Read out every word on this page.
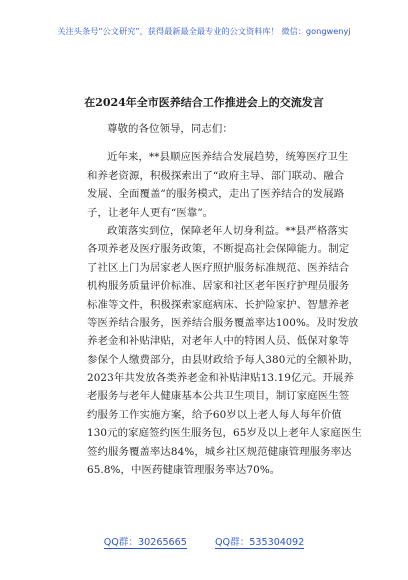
关注头条号“公文研究”，获得最新最全最专业的公文资料库！ 微信：gongwenyj
在2024年全市医养结合工作推进会上的交流发言
尊敬的各位领导，同志们：
近年来，**县顺应医养结合发展趋势，统筹医疗卫生
和养老资源，积极探索出了“政府主导、部门联动、融合
发展、全面覆盖”的服务模式，走出了医养结合的发展路
子，让老年人更有“医靠”。
政策落实到位，保障老年人切身利益。**县严格落实
各项养老及医疗服务政策，不断提高社会保障能力。制定
了社区上门为居家老人医疗照护服务标准规范、医养结合
机构服务质量评价标准、居家和社区老年医疗护理员服务
标准等文件，积极探索家庭病床、长护险家护、智慧养老
等医养结合服务，医养结合服务覆盖率达100%。及时发放
养老金和补贴津贴，对老年人中的特困人员、低保对象等
参保个人缴费部分，由县财政给予每人380元的全额补助，
2023年共发放各类养老金和补贴津贴13.19亿元。开展养
老服务与老年人健康基本公共卫生项目，制订家庭医生签
约服务工作实施方案，给予60岁以上老人每人每年价值
130元的家庭签约医生服务包，65岁及以上老年人家庭医生
签约服务覆盖率达84%，城乡社区规范健康管理服务率达
65.8%，中医药健康管理服务率达70%。
QQ群：30265665	QQ群：535304092
